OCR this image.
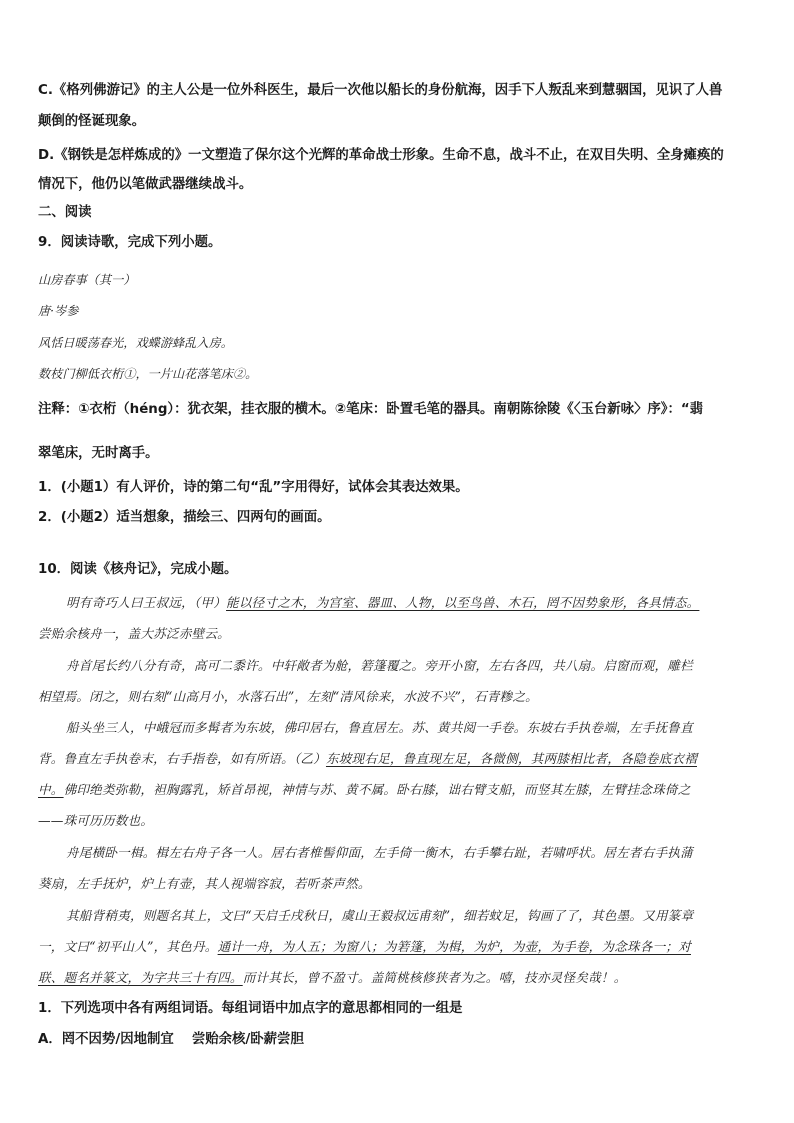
C.《格列佛游记》的主人公是一位外科医生，最后一次他以船长的身份航海，因手下人叛乱来到慧骃国，见识了人兽
颠倒的怪诞现象。
D.《钢铁是怎样炼成的》一文塑造了保尔这个光辉的革命战士形象。生命不息，战斗不止，在双目失明、全身瘫痪的
情况下，他仍以笔做武器继续战斗。
二、阅读
9．阅读诗歌，完成下列小题。
山房春事（其一）
唐·岑参
风恬日暖荡春光，戏蝶游蜂乱入房。
数枝门柳低衣桁①，一片山花落笔床②。
注释：①衣桁（héng）：犹衣架，挂衣服的横木。②笔床：卧置毛笔的器具。南朝陈徐陵《〈玉台新咏〉序》：“翡
翠笔床，无时离手。
1．(小题1）有人评价，诗的第二句“乱”字用得好，试体会其表达效果。
2．(小题2）适当想象，描绘三、四两句的画面。
10．阅读《核舟记》，完成小题。
明有奇巧人曰王叔远，（甲）能以径寸之木，为宫室、器皿、人物，以至鸟兽、木石，罔不因势象形，各具情态。
尝贻余核舟一，盖大苏泛赤壁云。
舟首尾长约八分有奇，高可二黍许。中轩敞者为舱，箬篷覆之。旁开小窗，左右各四，共八扇。启窗而观，雕栏
相望焉。闭之，则右刻“山高月小，水落石出”，左刻“清风徐来，水波不兴”，石青糁之。
船头坐三人，中峨冠而多髯者为东坡，佛印居右，鲁直居左。苏、黄共阅一手卷。东坡右手执卷端，左手抚鲁直
背。鲁直左手执卷末，右手指卷，如有所语。（乙）东坡现右足，鲁直现左足，各微侧，其两膝相比者，各隐卷底衣褶
中。佛印绝类弥勒，袒胸露乳，矫首昂视，神情与苏、黄不属。卧右膝，诎右臂支船，而竖其左膝，左臂挂念珠倚之
——珠可历历数也。
舟尾横卧一楫。楫左右舟子各一人。居右者椎髻仰面，左手倚一衡木，右手攀右趾，若啸呼状。居左者右手执蒲
葵扇，左手抚炉，炉上有壶，其人视端容寂，若听茶声然。
其船背稍夷，则题名其上，文曰“天启壬戌秋日，虞山王毅叔远甫刻”，细若蚊足，钩画了了，其色墨。又用篆章
一，文曰“初平山人”，其色丹。通计一舟，为人五；为窗八；为箬篷，为楫，为炉，为壶，为手卷，为念珠各一；对
联、题名并篆文，为字共三十有四。而计其长，曾不盈寸。盖简桃核修狭者为之。嘻，技亦灵怪矣哉！。
1．下列选项中各有两组词语。每组词语中加点字的意思都相同的一组是
A．罔不因势/因地制宜　 尝贻余核/卧薪尝胆
